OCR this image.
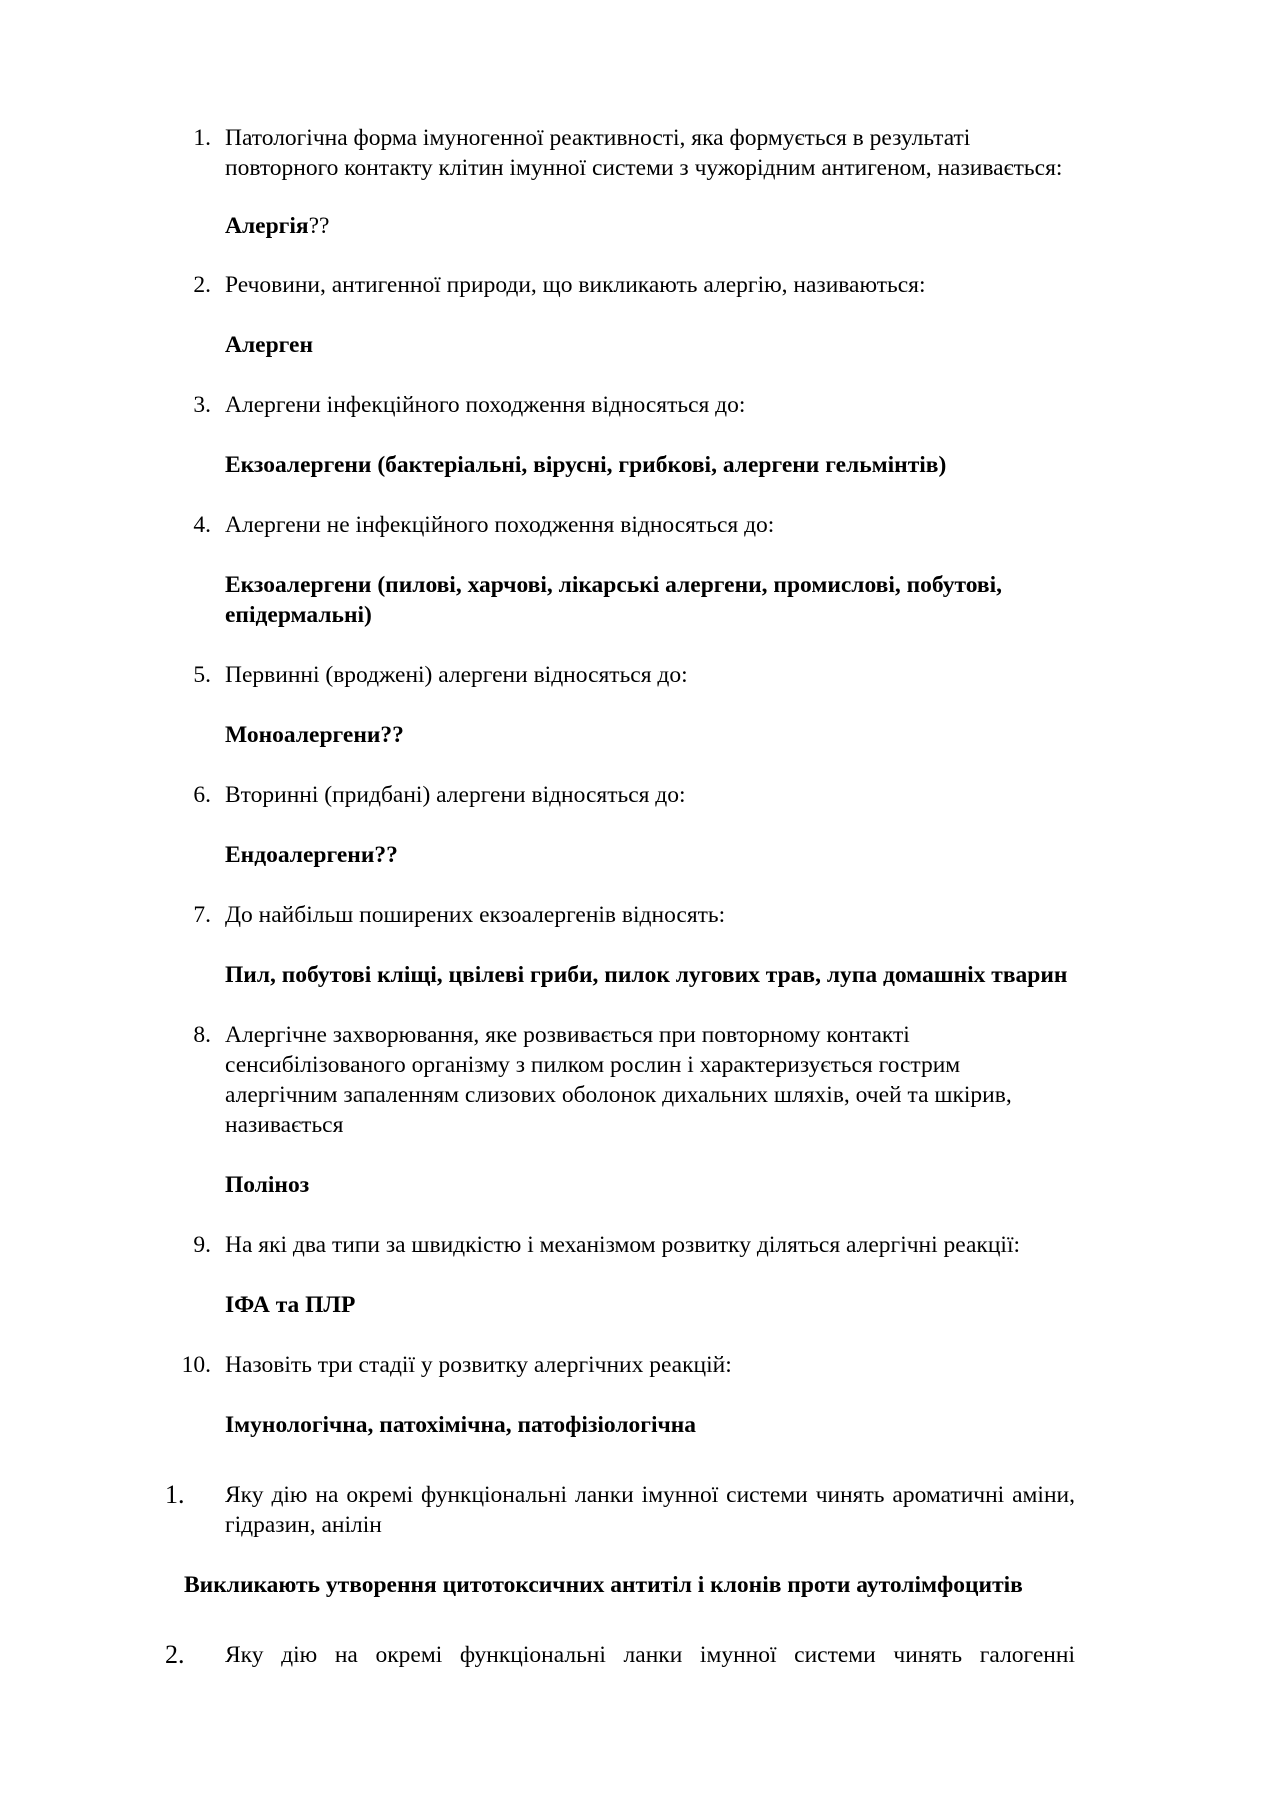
1. Патологічна форма імуногенної реактивності, яка формується в результаті повторного контакту клітин імунної системи з чужорідним антигеном, називається:
Алергія??
2. Речовини, антигенної природи, що викликають алергію, називаються:
Алерген
3. Алергени інфекційного походження відносяться до:
Екзоалергени (бактеріальні, вірусні, грибкові, алергени гельмінтів)
4. Алергени не інфекційного походження відносяться до:
Екзоалергени (пилові, харчові, лікарські алергени, промислові, побутові, епідермальні)
5. Первинні (вроджені) алергени відносяться до:
Моноалергени??
6. Вторинні (придбані) алергени відносяться до:
Ендоалергени??
7. До найбільш поширених екзоалергенів відносять:
Пил, побутові кліщі, цвілеві гриби, пилок лугових трав, лупа домашніх тварин
8. Алергічне захворювання, яке розвивається при повторному контакті сенсибілізованого організму з пилком рослин і характеризується гострим алергічним запаленням слизових оболонок дихальних шляхів, очей та шкірив, називається
Поліноз
9. На які два типи за швидкістю і механізмом розвитку діляться алергічні реакції:
ІФА та ПЛР
10. Назовіть три стадії у розвитку алергічних реакцій:
Імунологічна, патохімічна, патофізіологічна
1.	Яку дію на окремі функціональні ланки імунної системи чинять ароматичні аміни, гідразин, анілін
Викликають утворення цитотоксичних антитіл і клонів проти аутолімфоцитів
2.	Яку дію на окремі функціональні ланки імунної системи чинять галогенні
